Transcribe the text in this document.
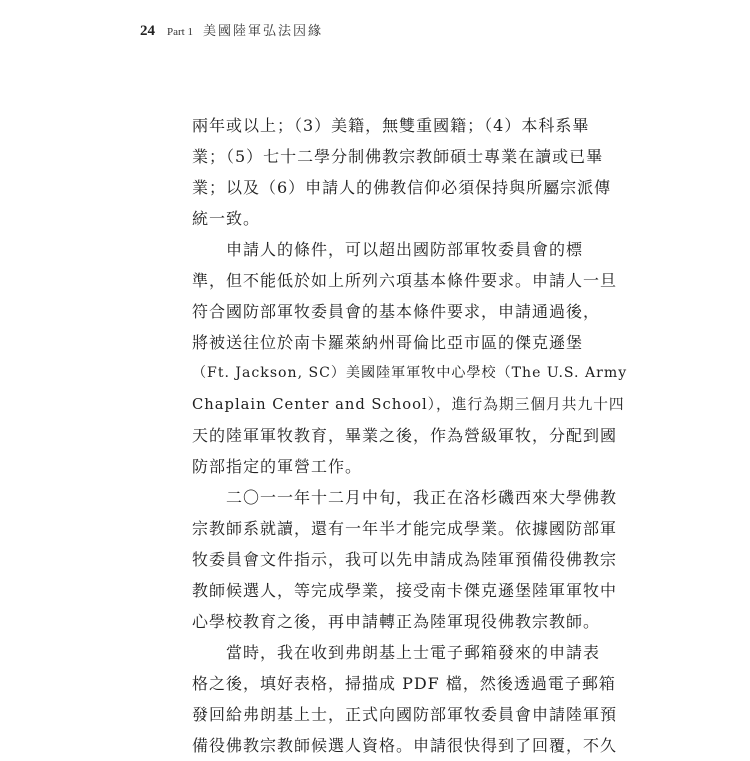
24 Part 1 美國陸軍弘法因緣
兩年或以上；（3）美籍，無雙重國籍；（4）本科系畢
業；（5）七十二學分制佛教宗教師碩士專業在讀或已畢
業；以及（6）申請人的佛教信仰必須保持與所屬宗派傳
統一致。
申請人的條件，可以超出國防部軍牧委員會的標
準，但不能低於如上所列六項基本條件要求。申請人一旦
符合國防部軍牧委員會的基本條件要求，申請通過後，
將被送往位於南卡羅萊納州哥倫比亞市區的傑克遜堡
（Ft. Jackson, SC）美國陸軍軍牧中心學校（The U.S. Army
Chaplain Center and School），進行為期三個月共九十四
天的陸軍軍牧教育，畢業之後，作為營級軍牧，分配到國
防部指定的軍營工作。
二〇一一年十二月中旬，我正在洛杉磯西來大學佛教
宗教師系就讀，還有一年半才能完成學業。依據國防部軍
牧委員會文件指示，我可以先申請成為陸軍預備役佛教宗
教師候選人，等完成學業，接受南卡傑克遜堡陸軍軍牧中
心學校教育之後，再申請轉正為陸軍現役佛教宗教師。
當時，我在收到弗朗基上士電子郵箱發來的申請表
格之後，填好表格，掃描成 PDF 檔，然後透過電子郵箱
發回給弗朗基上士，正式向國防部軍牧委員會申請陸軍預
備役佛教宗教師候選人資格。申請很快得到了回覆，不久
